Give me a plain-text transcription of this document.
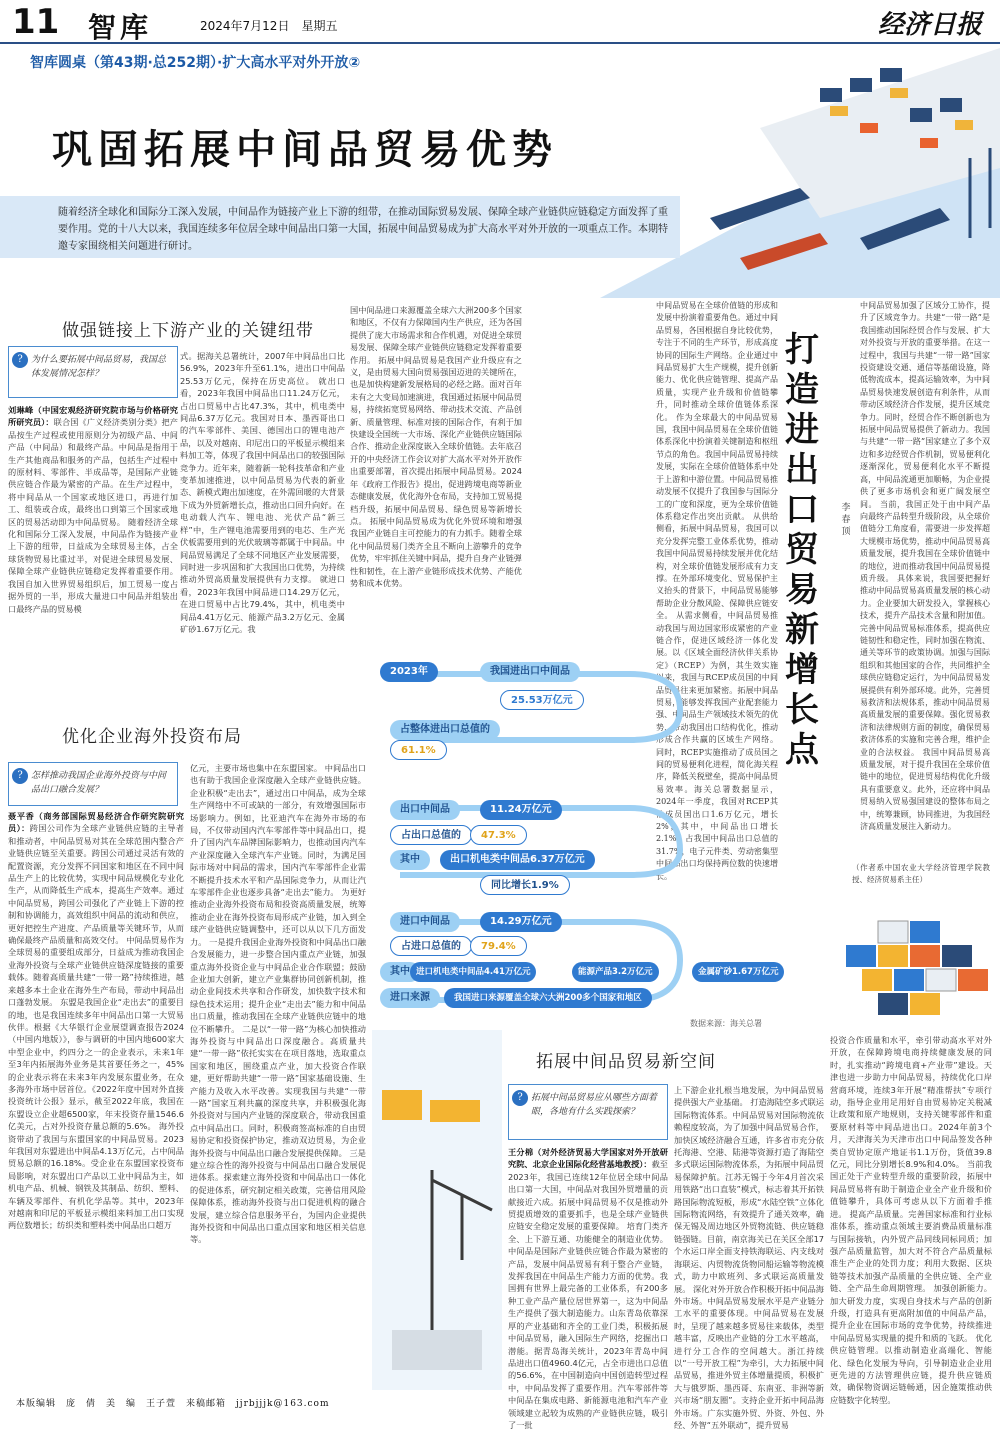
11 智库	2024年7月12日　星期五	经济日报
智库圆桌（第43期·总252期）·扩大高水平对外开放②
巩固拓展中间品贸易优势
随着经济全球化和国际分工深入发展，中间品作为链接产业上下游的纽带，在推动国际贸易发展、保障全球产业链供应链稳定方面发挥了重要作用。党的十八大以来，我国连续多年位居全球中间品出口第一大国，拓展中间品贸易成为扩大高水平对外开放的一项重点工作。本期特邀专家围绕相关问题进行研讨。
做强链接上下游产业的关键纽带
? 为什么要拓展中间品贸易，我国总体发展情况怎样？
刘琳峰（中国宏观经济研究院市场与价格研究所研究员）：联合国《广义经济类别分类》把产品按生产过程或使用原则分为初级产品、中间产品（中间品）和最终产品。中间品是指用于生产其他商品和服务的产品，包括生产过程中的原材料、零部件、半成品等，是国际产业链供应链合作最为紧密的产品。在生产过程中，将中间品从一个国家或地区进口，再进行加工、组装或合成，最终出口到第三个国家或地区的贸易活动即为中间品贸易。 随着经济全球化和国际分工深入发展，中间品作为链接产业上下游的纽带，日益成为全球贸易主体，占全球货物贸易比重过半，对促进全球贸易发展、保障全球产业链供应链稳定发挥着重要作用。我国自加入世界贸易组织后，加工贸易一度占据外贸的一半，形成大量进口中间品并组装出口最终产品的贸易模
式。据海关总署统计，2007年中间品出口比56.9%，2023年升至61.1%，进出口中间品25.53万亿元，保持在历史高位。 就出口看，2023年我国中间品出口11.24万亿元，占出口贸易中占比47.3%，其中，机电类中间品6.37万亿元。我国对日本、墨西哥出口的汽车零部件、美国、德国出口的锂电池产品，以及对越南、印尼出口的平板显示模组来料加工等，体现了我国中间品出口的较强国际竞争力。近年来，随着新一轮科技革命和产业变革加速推进，以中间品贸易为代表的新业态、新模式跑出加速度，在外需回暖的大背景下成为外贸新增长点，推动出口回升向好。在电动载人汽车、锂电池、光伏产品“新三样”中，生产锂电池需要用到的电芯、生产光伏板需要用到的光伏玻璃等都属于中间品。中间品贸易满足了全球不同地区产业发展需要，同时进一步巩固和扩大我国出口优势，为持续推动外贸高质量发展提供有力支撑。 就进口看，2023年我国中间品进口14.29万亿元，在进口贸易中占比79.4%，其中，机电类中间品4.41万亿元、能源产品3.2万亿元、金属矿砂1.67万亿元。我
国中间品进口来源覆盖全球六大洲200多个国家和地区，不仅有力保障国内生产供应，还为各国提供了庞大市场需求和合作机遇，对促进全球贸易发展、保障全球产业链供应链稳定发挥着重要作用。 拓展中间品贸易是我国产业升级应有之义，是由贸易大国向贸易强国迈进的关键所在，也是加快构建新发展格局的必经之路。面对百年未有之大变局加速演进，我国通过拓展中间品贸易，持续拓宽贸易网络、带动技术交流、产品创新、质量管理、标准对接的国际合作，有利于加快建设全国统一大市场、深化产业链供应链国际合作、推动企业深度嵌入全球价值链。去年底召开的中央经济工作会议对扩大高水平对外开放作出重要部署，首次提出拓展中间品贸易。2024年《政府工作报告》提出，促进跨境电商等新业态健康发展，优化海外仓布局，支持加工贸易提档升级，拓展中间品贸易、绿色贸易等新增长点。 拓展中间品贸易成为优化外贸环境和增强我国产业链自主可控能力的有力抓手。随着全球化中间品贸易门类齐全且不断向上游攀升的竞争优势，牢牢抓住关键中间品，提升自身产业链弹性和韧性，在上游产业链形成技术优势、产能优势和成本优势。
优化企业海外投资布局
? 怎样推动我国企业海外投资与中间品出口融合发展？
聂平香（商务部国际贸易经济合作研究院研究员）：跨国公司作为全球产业链供应链的主导者和推动者，中间品贸易对其在全球范围内整合产业链供应链至关重要。跨国公司通过灵活有效的配置资源，充分发挥不同国家和地区在不同中间品生产上的比较优势，实现中间品规模化专业化生产，从而降低生产成本，提高生产效率。通过中间品贸易，跨国公司强化了产业链上下游的控制和协调能力，高效组织中间品的流动和供应，更好把控生产进度、产品质量等关键环节，从而确保最终产品质量和高效交付。 中间品贸易作为全球贸易的重要组成部分，日益成为推动我国企业海外投资与全球产业链供应链深度链接的重要载体。随着高质量共建“一带一路”持续推进，越来越多本土企业在海外生产布局，带动中间品出口蓬勃发展。 东盟是我国企业“走出去”的重要目的地，也是我国连续多年中间品出口第一大贸易伙伴。根据《大华银行企业展望调查报告2024（中国内地版）》，参与调研的中国内地600家大中型企业中，约四分之一的企业表示，未来1年至3年内拓展海外业务是其首要任务之一，45%的企业表示将在未来3年内发展东盟业务，在众多海外市场中居首位。《2022年度中国对外直接投资统计公报》显示，截至2022年底，我国在东盟设立企业超6500家，年末投资存量1546.6亿美元，占对外投资存量总额的5.6%。 海外投资带动了我国与东盟国家的中间品贸易。2023年我国对东盟进出中间品4.13万亿元，占中间品贸易总额的16.18%。受企业在东盟国家投资布局影响，对东盟出口产品以工业中间品为主，如机电产品、机械、钢铁及其制品、纺织、塑料、车辆及零部件、有机化学品等。其中，2023年对越南和印尼的平板显示模组来料加工出口实现两位数增长；纺织类和塑料类中间品出口超万
亿元，主要市场也集中在东盟国家。 中间品出口也有助于我国企业深度融入全球产业链供应链。企业积极“走出去”，通过出口中间品，成为全球生产网络中不可或缺的一部分，有效增强国际市场影响力。例如，比亚迪汽车在海外市场的布局，不仅带动国内汽车零部件等中间品出口，提升了国内汽车品牌国际影响力，也推动国内汽车产业深度融入全球汽车产业链。同时，为满足国际市场对中间品的需求，国内汽车零部件企业需不断提升技术水平和产品国际竞争力，从而让汽车零部件企业也逐步具备“走出去”能力。 为更好推动企业海外投资布局和投资高质量发展，统筹推动企业在海外投资布局形成产业链，加入到全球产业链供应链调整中，还可以从以下几方面发力。 一是提升我国企业海外投资和中间品出口融合发展能力，进一步整合国内重点产业链，加强重点海外投资企业与中间品企业合作联盟；鼓励企业加大创新，建立产业集群协同创新机制，推动企业间技术共享和合作研发，加快数字技术和绿色技术运用；提升企业“走出去”能力和中间品出口质量，推动我国在全球产业链供应链中的地位不断攀升。 二是以“一带一路”为核心加快推动海外投资与中间品出口深度融合。高质量共建“一带一路”依托实实在在项目落地，选取重点国家和地区，围绕重点产业，加大投资合作联建，更好帮助共建“一带一路”国家基础设施、生产能力及收入水平改善。实现我国与共建“一带一路”国家互利共赢的深度共享，并积极强化海外投资对与国内产业链的深度联合，带动我国重点中间品出口。同时，积极商签高标准的自由贸易协定和投资保护协定，推动双边贸易，为企业海外投资与中间品出口融合发展提供保障。 三是建立综合性的海外投资与中间品出口融合发展促进体系。探索建立海外投资和中间品出口一体化的促进体系，研究制定相关政策，完善信用风险保障体系，推动海外投资与出口促进机构的融合发展，建立综合信息服务平台，为国内企业提供海外投资和中间品出口重点国家和地区相关信息等。
中间品贸易在全球价值链的形成和发展中扮演着重要角色。通过中间品贸易，各国根据自身比较优势，专注于不同的生产环节，形成高度协同的国际生产网络。企业通过中间品贸易扩大生产规模，提升创新能力、优化供应链管理、提高产品质量，实现产业升级和价值链攀升，同时推动全球价值链体系深化。 作为全球最大的中间品贸易国，我国中间品贸易在全球价值链体系深化中扮演着关键制造和枢纽节点的角色。我国中间品贸易持续发展，实际在全球价值链体系中处于上游和中游位置。中间品贸易推动发展不仅提升了我国参与国际分工的广度和深度，更为全球价值链体系稳定作出突出贡献。 从供给侧看，拓展中间品贸易，我国可以充分发挥完整工业体系优势，推动我国中间品贸易持续发展并优化结构，对全球价值链发展形成有力支撑。在外部环境变化、贸易保护主义抬头的背景下，中间品贸易能够帮助企业分散风险、保障供应链安全。 从需求侧看，中间品贸易推动我国与周边国家形成紧密的产业链合作，促进区域经济一体化发展。以《区域全面经济伙伴关系协定》（RCEP）为例，其生效实施以来，我国与RCEP成员国的中间品贸易往来更加紧密。拓展中间品贸易，能够发挥我国产业配套能力强、中间品生产领域技术领先的优势，带动我国出口结构优化，推动形成合作共赢的区域生产网络。 同时，RCEP实施推动了成员国之间的贸易便利化进程，简化海关程序，降低关税壁垒，提高中间品贸易效率。海关总署数据显示，2024年一季度，我国对RCEP其他成员国出口1.6万亿元，增长2%，其中，中间品出口增长2.1%，占我国中间品出口总值的31.7%，电子元件类、劳动密集型中间品出口均保持两位数的快速增长。
打造进出口贸易新增长点
李春顶
中间品贸易加强了区域分工协作，提升了区域竞争力。共建“一带一路”是我国推动国际经贸合作与发展、扩大对外投资与开放的重要举措。在这一过程中，我国与共建“一带一路”国家投资建设交通、通信等基础设施，降低物流成本，提高运输效率，为中间品贸易快速发展创造有利条件，从而带动区域经济合作发展，提升区域竞争力。同时，经贸合作不断创新也为拓展中间品贸易提供了新动力。我国与共建“一带一路”国家建立了多个双边和多边经贸合作机制，贸易便利化逐渐深化，贸易便利化水平不断提高，中间品流通更加顺畅，为企业提供了更多市场机会和更广阔发展空间。 当前，我国正处于由中间产品向最终产品转型升级阶段，从全球价值链分工角度看，需要进一步发挥超大规模市场优势，推动中间品贸易高质量发展，提升我国在全球价值链中的地位，进而推动我国中间品贸易提质升级。 具体来说，我国要把握好推动中间品贸易高质量发展的核心动力。企业要加大研发投入，掌握核心技术，提升产品技术含量和附加值。完善中间品贸易标准体系，提高供应链韧性和稳定性，同时加强在物流、通关等环节的政策协调。加强与国际组织和其他国家的合作，共同维护全球供应链稳定运行，为中间品贸易发展提供有利外部环境。此外，完善贸易救济和法规体系，推动中间品贸易高质量发展的重要保障。强化贸易救济和法律规则方面的制度，确保贸易救济体系的实施和完善合理，维护企业的合法权益。 我国中间品贸易高质量发展，对于提升我国在全球价值链中的地位，促进贸易结构优化升级具有重要意义。此外，还应将中间品贸易纳入贸易强国建设的整体布局之中，统筹兼顾，协同推进，为我国经济高质量发展注入新动力。
（作者系中国农业大学经济管理学院教授、经济贸易系主任）
2023年	我国进出口中间品
25.53万亿元
占整体进出口总值的
61.1%
出口中间品	11.24万亿元
占出口总值的	47.3%
其中	出口机电类中间品6.37万亿元
同比增长1.9%
进口中间品	14.29万亿元
占进口总值的	79.4%
其中 进口机电类中间品4.41万亿元	能源产品3.2万亿元	金属矿砂1.67万亿元
进口来源	我国进口来源覆盖全球六大洲200多个国家和地区
数据来源：海关总署
拓展中间品贸易新空间
? 拓展中间品贸易应从哪些方面着眼，各地有什么实践探索？
王分棉（对外经济贸易大学国家对外开放研究院、北京企业国际化经营基地教授）：截至2023年，我国已连续12年位居全球中间品出口第一大国，中间品对我国外贸增量的贡献接近六成。拓展中间品贸易不仅是推动外贸提质增效的重要抓手，也是全球产业链供应链安全稳定发展的重要保障。 培育门类齐全、上下游互通、功能健全的制造业优势。中间品是国际产业链供应链合作最为紧密的产品，发展中间品贸易有利于整合产业链，发挥我国在中间品生产能力方面的优势。我国拥有世界上最完备的工业体系，有200多种工业产品产量位居世界第一，这为中间品生产提供了强大制造能力。山东青岛依靠深厚的产业基础和齐全的工业门类，积极拓展中间品贸易，融入国际生产网络，挖掘出口潜能。据青岛海关统计，2023年青岛中间品进出口值4960.4亿元，占全市进出口总值的56.6%，在中国制造向中国创造转型过程中，中间品发挥了重要作用。汽车零部件等中间品在集成电路、新能源电池和汽车产业领域建立起较为成熟的产业链供应链，吸引了一批
上下游企业扎根当地发展，为中间品贸易提供强大产业基础。 打造海陆空多式联运国际物流体系。中间品贸易对国际物流依赖程度较高，为了加强中间品贸易合作，加快区域经济融合互通，许多省市充分依托海港、空港、陆港等资源打造了海陆空多式联运国际物流体系，为拓展中间品贸易保障护航。江苏无锡于今年4月首次采用铁路“出口直装”模式，标志着其开拓铁路国际物流短板，形成“水陆空铁”立体化国际物流网络，有效提升了通关效率，确保无锡及周边地区外贸物流链、供应链稳链强链。目前，南京海关已在关区全部17个水运口岸全面支持铁海联运、内支线对海联运、内贸物流货物同船运输等物流模式，助力中欧班列、多式联运高质量发展。 深化对外开放合作积极开拓中间品海外市场。中间品贸易发展水平是产业链分工水平的重要体现。中间品贸易在发展时，呈现了越来越多贸易往来载体，类型越丰富，反映出产业链的分工水平越高，进行分工合作的空间越大。浙江持续以“一号开放工程”为牵引，大力拓展中间品贸易，推进外贸主体增量提质，积极扩大与俄罗斯、墨西哥、东南亚、非洲等新兴市场“朋友圈”。支持企业开拓中间品海外市场。广东实施外贸、外资、外包、外经、外智“五外联动”，提升贸易
投资合作质量和水平，牵引带动高水平对外开放，在保障跨境电商持续健康发展的同时，扎实推动“跨境电商+产业带”建设。天津也进一步助力中间品贸易，持续优化口岸营商环境，连续3年开展“精准帮扶”专项行动，指导企业用足用好自由贸易协定关税减让政策和原产地规则，支持关键零部件和重要原材料等中间品进出口。2024年前3个月，天津海关为天津市出口中间品签发各种类自贸协定原产地证书1.1万份，货值39.8亿元，同比分别增长8.9%和4.0%。 当前我国正处于产业转型升级的重要阶段，拓展中间品贸易将有助于制造企业全产业升级和价值链攀升，具体可考虑从以下方面着手推进。 提高产品质量。完善国家标准和行业标准体系，推动重点领域主要消费品质量标准与国际接轨，内外贸产品同线同标同质；加强产品质量监管，加大对不符合产品质量标准生产企业的处罚力度；利用大数据、区块链等技术加强产品质量的全供应链、全产业链、全产品生命周期管理。 加强创新能力。加大研发力度，实现自身技术与产品的创新升级，打造具有更高附加值的中间品产品，提升企业在国际市场的竞争优势，持续推进中间品贸易实现量的提升和质的飞跃。 优化供应链管理。以推动制造业高端化、智能化、绿色化发展为导向，引导制造业企业用更先进的方法管理供应链，提升供应链质效，确保物资调运链畅通，因企施策推动供应链数字化转型。
本版编辑　庞　倩　美　编　王子萱　来稿邮箱　jjrbjjjk@163.com
